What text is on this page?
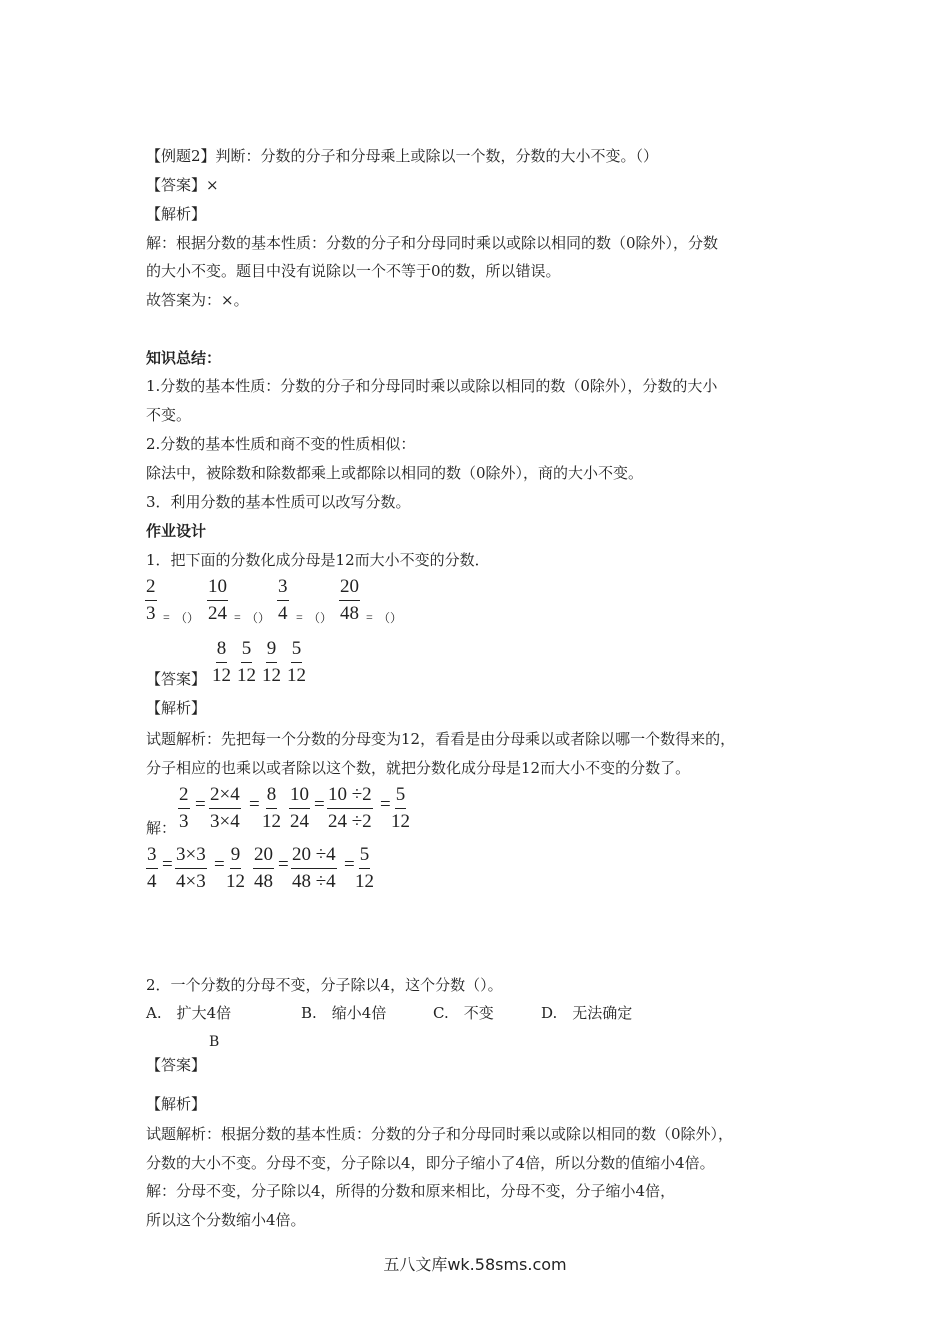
【例题2】判断：分数的分子和分母乘上或除以一个数，分数的大小不变。（）
【答案】×
【解析】
解：根据分数的基本性质：分数的分子和分母同时乘以或除以相同的数（0除外），分数
的大小不变。题目中没有说除以一个不等于0的数，所以错误。
故答案为：×。
知识总结：
1.分数的基本性质：分数的分子和分母同时乘以或除以相同的数（0除外），分数的大小
不变。
2.分数的基本性质和商不变的性质相似：
除法中，被除数和除数都乘上或都除以相同的数（0除外），商的大小不变。
3．利用分数的基本性质可以改写分数。
作业设计
1．把下面的分数化成分母是12而大小不变的分数．
$\frac{2}{3}$ = （） $\frac{10}{24}$ = （） $\frac{3}{4}$ = （） $\frac{20}{48}$ = （）
【答案】 $\frac{8}{12} \frac{5}{12} \frac{9}{12} \frac{5}{12}$
【解析】
试题解析：先把每一个分数的分母变为12，看看是由分母乘以或者除以哪一个数得来的，
分子相应的也乘以或者除以这个数，就把分数化成分母是12而大小不变的分数了。
解： $\frac{2}{3} = \frac{2\times 4}{3\times 4} = \frac{8}{12} \frac{10}{24} = \frac{10 \div 2}{24 \div 2} = \frac{5}{12}$
$\frac{3}{4} = \frac{3\times 3}{4\times 3} = \frac{9}{12} \frac{20}{48} = \frac{20 \div 4}{48 \div 4} = \frac{5}{12}$
2．一个分数的分母不变，分子除以4，这个分数（）。
A.　扩大4倍	B.　缩小4倍	C.　不变	D.　无法确定
B
【答案】
【解析】
试题解析：根据分数的基本性质：分数的分子和分母同时乘以或除以相同的数（0除外），
分数的大小不变。分母不变，分子除以4，即分子缩小了4倍，所以分数的值缩小4倍。
解：分母不变，分子除以4，所得的分数和原来相比，分母不变，分子缩小4倍，
所以这个分数缩小4倍。
五八文库wk.58sms.com
